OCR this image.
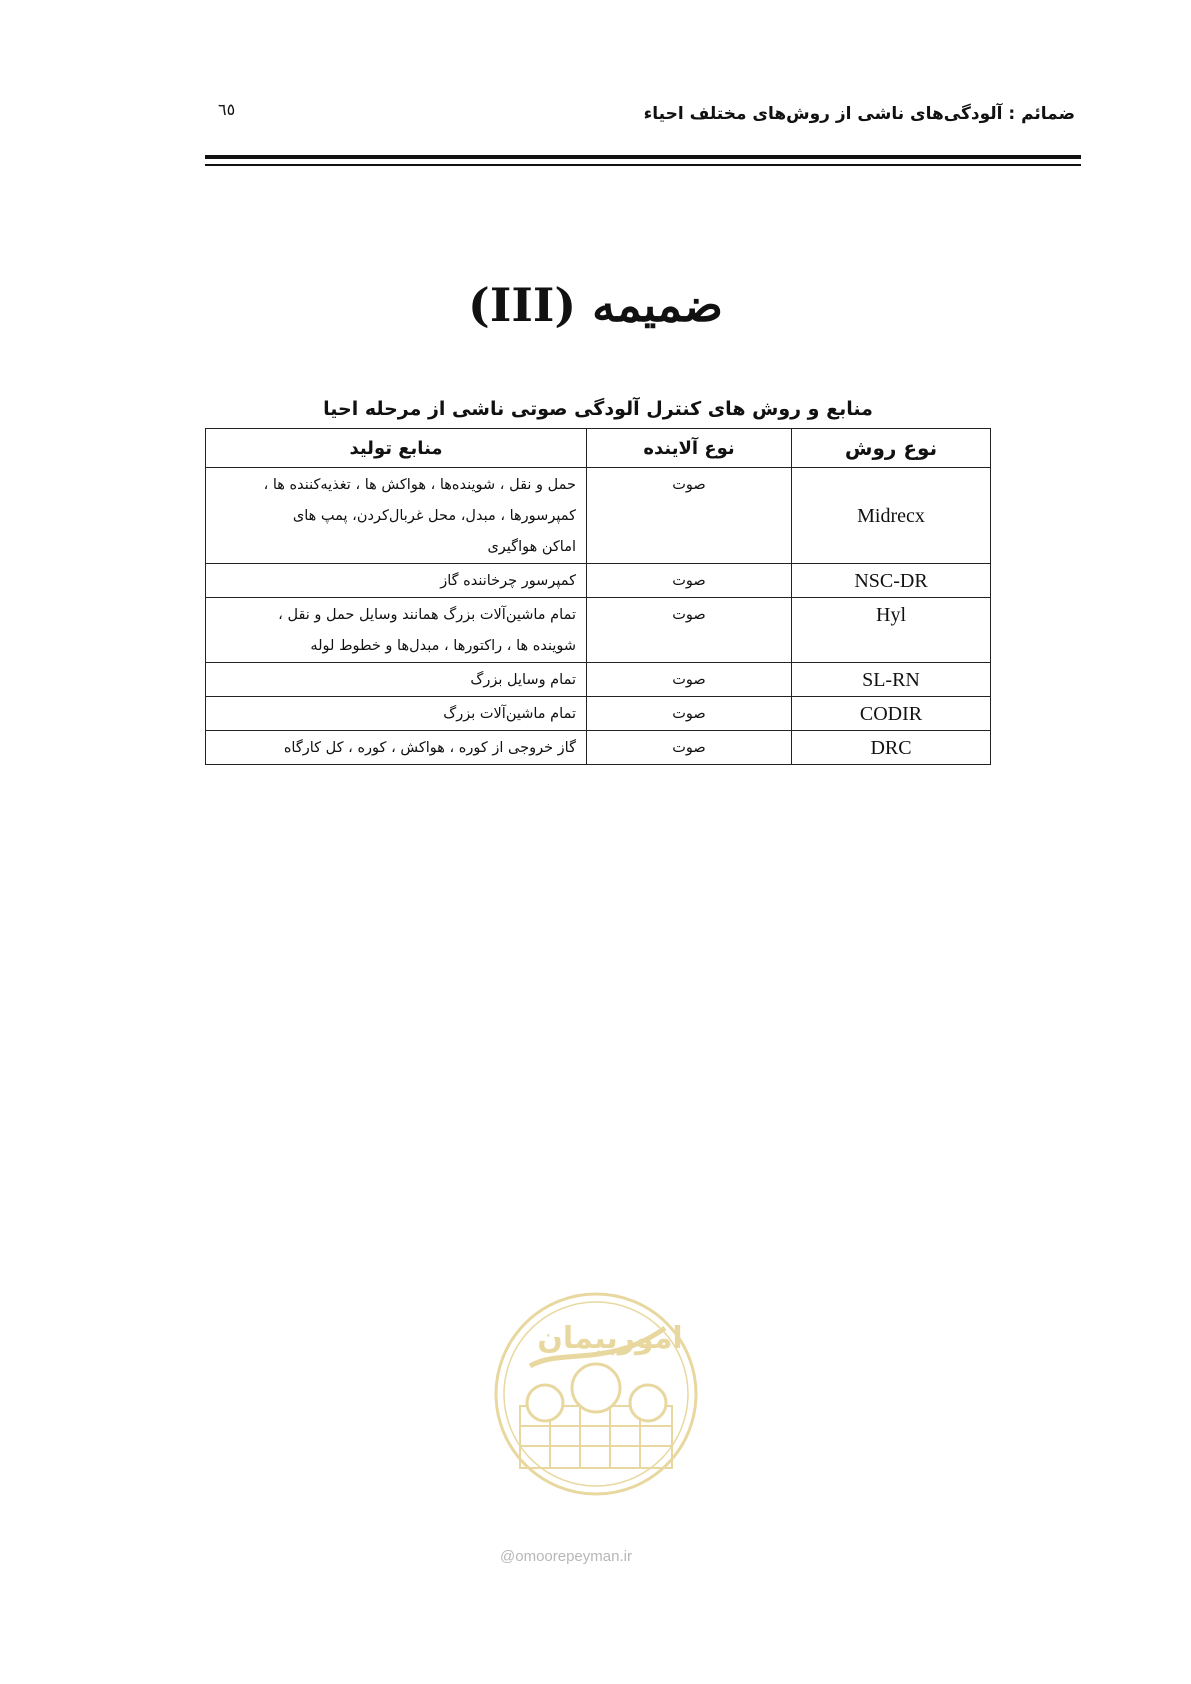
ضمائم : آلودگی‌های ناشی از روش‌های مختلف احیاء
٦٥
ضمیمه (III)
منابع و روش های کنترل آلودگی صوتی ناشی از مرحله احیا
نوع روش	نوع آلاینده	منابع تولید
Midrecx	صوت	حمل و نقل ، شوینده‌ها ، هواکش ها ، تغذیه‌کننده ها ،
کمپرسورها ، مبدل، محل غربال‌کردن، پمپ های
اماکن هواگیری

NSC-DR	صوت	کمپرسور چرخاننده گاز

Hyl	صوت	تمام ماشین‌آلات بزرگ همانند وسایل حمل و نقل ،
شوینده ها ، راکتورها ، مبدل‌ها و خطوط لوله

SL-RN	صوت	تمام وسایل بزرگ

CODIR	صوت	تمام ماشین‌آلات بزرگ

DRC	صوت	گاز خروجی از کوره ، هواکش ، کوره ، کل کارگاه
امورپیمان
@omoorepeyman.ir
